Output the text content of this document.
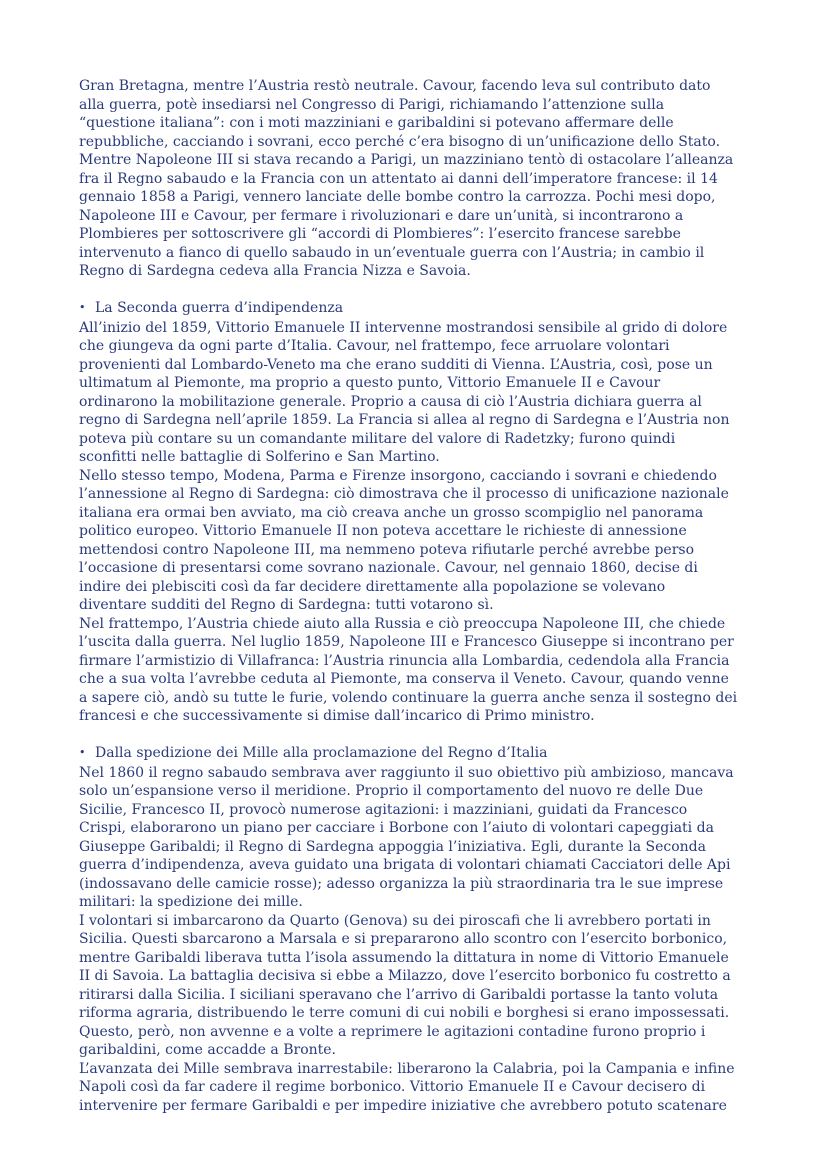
Gran Bretagna, mentre l’Austria restò neutrale. Cavour, facendo leva sul contributo dato
alla guerra, potè insediarsi nel Congresso di Parigi, richiamando l’attenzione sulla
“questione italiana”: con i moti mazziniani e garibaldini si potevano affermare delle
repubbliche, cacciando i sovrani, ecco perché c’era bisogno di un’unificazione dello Stato.
Mentre Napoleone III si stava recando a Parigi, un mazziniano tentò di ostacolare l’alleanza
fra il Regno sabaudo e la Francia con un attentato ai danni dell’imperatore francese: il 14
gennaio 1858 a Parigi, vennero lanciate delle bombe contro la carrozza. Pochi mesi dopo,
Napoleone III e Cavour, per fermare i rivoluzionari e dare un’unità, si incontrarono a
Plombieres per sottoscrivere gli “accordi di Plombieres”: l’esercito francese sarebbe
intervenuto a fianco di quello sabaudo in un’eventuale guerra con l’Austria; in cambio il
Regno di Sardegna cedeva alla Francia Nizza e Savoia.
• La Seconda guerra d’indipendenza
All’inizio del 1859, Vittorio Emanuele II intervenne mostrandosi sensibile al grido di dolore
che giungeva da ogni parte d’Italia. Cavour, nel frattempo, fece arruolare volontari
provenienti dal Lombardo-Veneto ma che erano sudditi di Vienna. L’Austria, così, pose un
ultimatum al Piemonte, ma proprio a questo punto, Vittorio Emanuele II e Cavour
ordinarono la mobilitazione generale. Proprio a causa di ciò l’Austria dichiara guerra al
regno di Sardegna nell’aprile 1859. La Francia si allea al regno di Sardegna e l’Austria non
poteva più contare su un comandante militare del valore di Radetzky; furono quindi
sconfitti nelle battaglie di Solferino e San Martino.
Nello stesso tempo, Modena, Parma e Firenze insorgono, cacciando i sovrani e chiedendo
l’annessione al Regno di Sardegna: ciò dimostrava che il processo di unificazione nazionale
italiana era ormai ben avviato, ma ciò creava anche un grosso scompiglio nel panorama
politico europeo. Vittorio Emanuele II non poteva accettare le richieste di annessione
mettendosi contro Napoleone III, ma nemmeno poteva rifiutarle perché avrebbe perso
l’occasione di presentarsi come sovrano nazionale. Cavour, nel gennaio 1860, decise di
indire dei plebisciti così da far decidere direttamente alla popolazione se volevano
diventare sudditi del Regno di Sardegna: tutti votarono sì.
Nel frattempo, l’Austria chiede aiuto alla Russia e ciò preoccupa Napoleone III, che chiede
l’uscita dalla guerra. Nel luglio 1859, Napoleone III e Francesco Giuseppe si incontrano per
firmare l’armistizio di Villafranca: l’Austria rinuncia alla Lombardia, cedendola alla Francia
che a sua volta l’avrebbe ceduta al Piemonte, ma conserva il Veneto. Cavour, quando venne
a sapere ciò, andò su tutte le furie, volendo continuare la guerra anche senza il sostegno dei
francesi e che successivamente si dimise dall’incarico di Primo ministro.
• Dalla spedizione dei Mille alla proclamazione del Regno d’Italia
Nel 1860 il regno sabaudo sembrava aver raggiunto il suo obiettivo più ambizioso, mancava
solo un’espansione verso il meridione. Proprio il comportamento del nuovo re delle Due
Sicilie, Francesco II, provocò numerose agitazioni: i mazziniani, guidati da Francesco
Crispi, elaborarono un piano per cacciare i Borbone con l’aiuto di volontari capeggiati da
Giuseppe Garibaldi; il Regno di Sardegna appoggia l’iniziativa. Egli, durante la Seconda
guerra d’indipendenza, aveva guidato una brigata di volontari chiamati Cacciatori delle Api
(indossavano delle camicie rosse); adesso organizza la più straordinaria tra le sue imprese
militari: la spedizione dei mille.
I volontari si imbarcarono da Quarto (Genova) su dei piroscafi che li avrebbero portati in
Sicilia. Questi sbarcarono a Marsala e si prepararono allo scontro con l’esercito borbonico,
mentre Garibaldi liberava tutta l’isola assumendo la dittatura in nome di Vittorio Emanuele
II di Savoia. La battaglia decisiva si ebbe a Milazzo, dove l’esercito borbonico fu costretto a
ritirarsi dalla Sicilia. I siciliani speravano che l’arrivo di Garibaldi portasse la tanto voluta
riforma agraria, distribuendo le terre comuni di cui nobili e borghesi si erano impossessati.
Questo, però, non avvenne e a volte a reprimere le agitazioni contadine furono proprio i
garibaldini, come accadde a Bronte.
L’avanzata dei Mille sembrava inarrestabile: liberarono la Calabria, poi la Campania e infine
Napoli così da far cadere il regime borbonico. Vittorio Emanuele II e Cavour decisero di
intervenire per fermare Garibaldi e per impedire iniziative che avrebbero potuto scatenare
